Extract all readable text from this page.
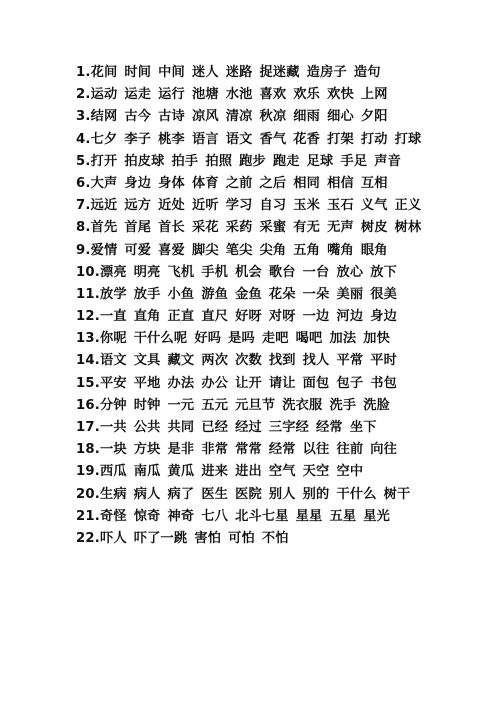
1.花间 时间 中间 迷人 迷路 捉迷藏 造房子 造句
2.运动 运走 运行 池塘 水池 喜欢 欢乐 欢快 上网
3.结网 古今 古诗 凉风 清凉 秋凉 细雨 细心 夕阳
4.七夕 李子 桃李 语言 语文 香气 花香 打架 打动 打球
5.打开 拍皮球 拍手 拍照 跑步 跑走 足球 手足 声音
6.大声 身边 身体 体育 之前 之后 相同 相信 互相
7.远近 远方 近处 近听 学习 自习 玉米 玉石 义气 正义
8.首先 首尾 首长 采花 采药 采蜜 有无 无声 树皮 树林
9.爱情 可爱 喜爱 脚尖 笔尖 尖角 五角 嘴角 眼角
10.漂亮 明亮 飞机 手机 机会 歌台 一台 放心 放下
11.放学 放手 小鱼 游鱼 金鱼 花朵 一朵 美丽 很美
12.一直 直角 正直 直尺 好呀 对呀 一边 河边 身边
13.你呢 干什么呢 好吗 是吗 走吧 喝吧 加法 加快
14.语文 文具 藏文 两次 次数 找到 找人 平常 平时
15.平安 平地 办法 办公 让开 请让 面包 包子 书包
16.分钟 时钟 一元 五元 元旦节 洗衣服 洗手 洗脸
17.一共 公共 共同 已经 经过 三字经 经常 坐下
18.一块 方块 是非 非常 常常 经常 以往 往前 向往
19.西瓜 南瓜 黄瓜 进来 进出 空气 天空 空中
20.生病 病人 病了 医生 医院 别人 别的 干什么 树干
21.奇怪 惊奇 神奇 七八 北斗七星 星星 五星 星光
22.吓人 吓了一跳 害怕 可怕 不怕
